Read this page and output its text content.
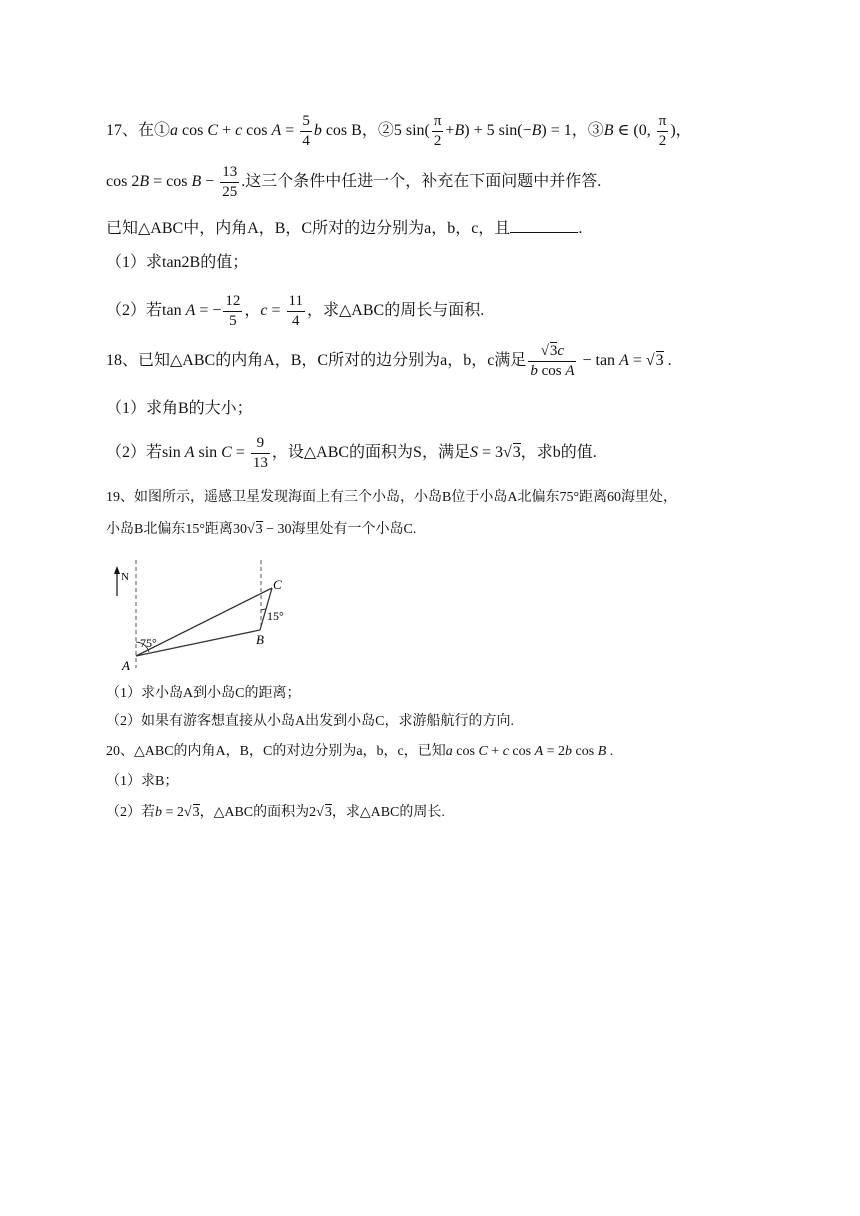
17、在①a cos C + c $\cos A = \frac{5}{4}$ b cos B，②5 $\sin( \frac{\pi}{2} +B) + 5$ sin(−B) = 1，③B ∈ (0, $\frac{\pi}{2}$ )，
$\cos 2B = \cos B - \frac{13}{25}$ .这三个条件中任进一个，补充在下面问题中并作答.
已知△ABC中，内角A，B，C所对的边分别为a，b，c，且	.
（1）求tan2B的值；
（2）若tan A = − $\frac{12}{5}$ ，$c = \frac{11}{4}$ ，求△ABC的周长与面积.
18、已知△ABC的内角A，B，C所对的边分别为a，b，c满足 $\frac{√3c}{\text{b cos A}} - \tan A = √3$ .
（1）求角B的大小；
（2）若sin A $\sin C = \frac{9}{13}$ ，设△ABC的面积为S，满足S = 3√3，求b的值.
19、如图所示，遥感卫星发现海面上有三个小岛，小岛B位于小岛A北偏东75°距离60海里处，
小岛B北偏东15°距离30√3 − 30海里处有一个小岛C.
N
75°
15°
A
B
C
（1）求小岛A到小岛C的距离；
（2）如果有游客想直接从小岛A出发到小岛C，求游船航行的方向.
20、△ABC的内角A，B，C的对边分别为a，b，c，已知a cos C + c cos A = 2b cos B .
（1）求B；
（2）若b = 2√3，△ABC的面积为2√3，求△ABC的周长.
